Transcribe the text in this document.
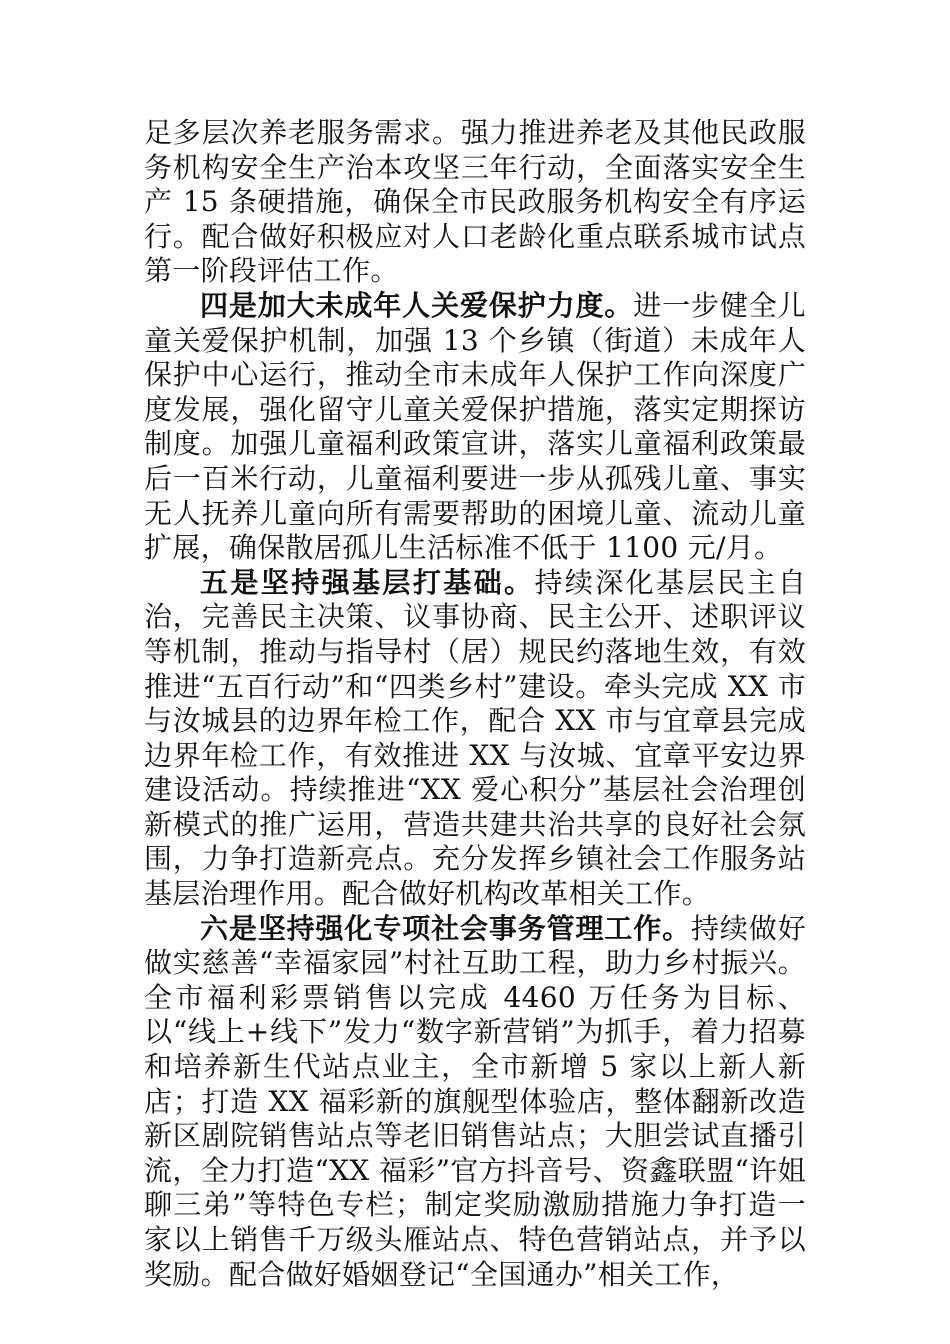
足多层次养老服务需求。强力推进养老及其他民政服务机构安全生产治本攻坚三年行动，全面落实安全生产 15 条硬措施，确保全市民政服务机构安全有序运行。配合做好积极应对人口老龄化重点联系城市试点第一阶段评估工作。

四是加大未成年人关爱保护力度。进一步健全儿童关爱保护机制，加强 13 个乡镇（街道）未成年人保护中心运行，推动全市未成年人保护工作向深度广度发展，强化留守儿童关爱保护措施，落实定期探访制度。加强儿童福利政策宣讲，落实儿童福利政策最后一百米行动，儿童福利要进一步从孤残儿童、事实无人抚养儿童向所有需要帮助的困境儿童、流动儿童扩展，确保散居孤儿生活标准不低于 1100 元/月。

五是坚持强基层打基础。持续深化基层民主自治，完善民主决策、议事协商、民主公开、述职评议等机制，推动与指导村（居）规民约落地生效，有效推进“五百行动”和“四类乡村”建设。牵头完成 XX 市与汝城县的边界年检工作，配合 XX 市与宜章县完成边界年检工作，有效推进 XX 与汝城、宜章平安边界建设活动。持续推进“XX 爱心积分”基层社会治理创新模式的推广运用，营造共建共治共享的良好社会氛围，力争打造新亮点。充分发挥乡镇社会工作服务站基层治理作用。配合做好机构改革相关工作。

六是坚持强化专项社会事务管理工作。持续做好做实慈善“幸福家园”村社互助工程，助力乡村振兴。全市福利彩票销售以完成 4460 万任务为目标、以“线上+线下”发力“数字新营销”为抓手，着力招募和培养新生代站点业主，全市新增 5 家以上新人新店；打造 XX 福彩新的旗舰型体验店，整体翻新改造新区剧院销售站点等老旧销售站点；大胆尝试直播引流，全力打造“XX 福彩”官方抖音号、资鑫联盟“许姐聊三弟”等特色专栏；制定奖励激励措施力争打造一家以上销售千万级头雁站点、特色营销站点，并予以奖励。配合做好婚姻登记“全国通办”相关工作，
